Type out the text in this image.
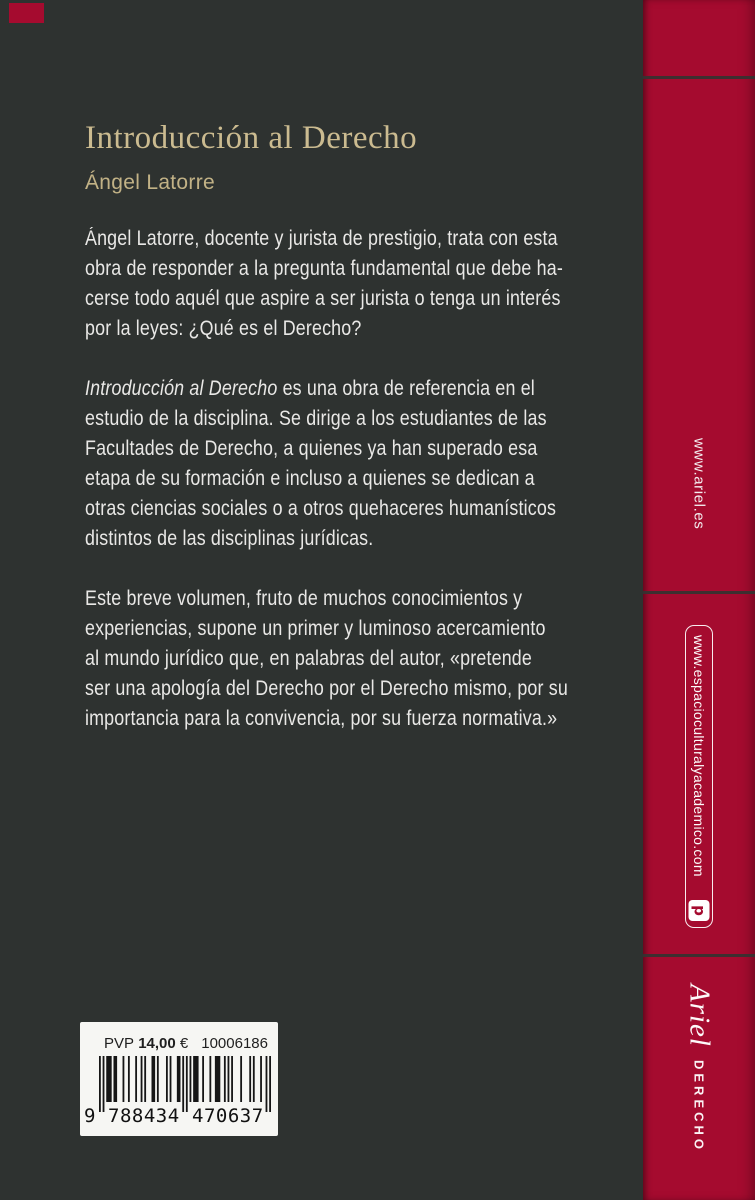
Introducción al Derecho
Ángel Latorre
Ángel Latorre, docente y jurista de prestigio, trata con esta
obra de responder a la pregunta fundamental que debe ha-
cerse todo aquél que aspire a ser jurista o tenga un interés
por la leyes: ¿Qué es el Derecho?
Introducción al Derecho es una obra de referencia en el
estudio de la disciplina. Se dirige a los estudiantes de las
Facultades de Derecho, a quienes ya han superado esa
etapa de su formación e incluso a quienes se dedican a
otras ciencias sociales o a otros quehaceres humanísticos
distintos de las disciplinas jurídicas.
Este breve volumen, fruto de muchos conocimientos y
experiencias, supone un primer y luminoso acercamiento
al mundo jurídico que, en palabras del autor, «pretende
ser una apología del Derecho por el Derecho mismo, por su
importancia para la convivencia, por su fuerza normativa.»
www.ariel.es
www.espacioculturalyacademico.com
p
Ariel
DERECHO
PVP 14,00 € 10006186
9 788434 470637
